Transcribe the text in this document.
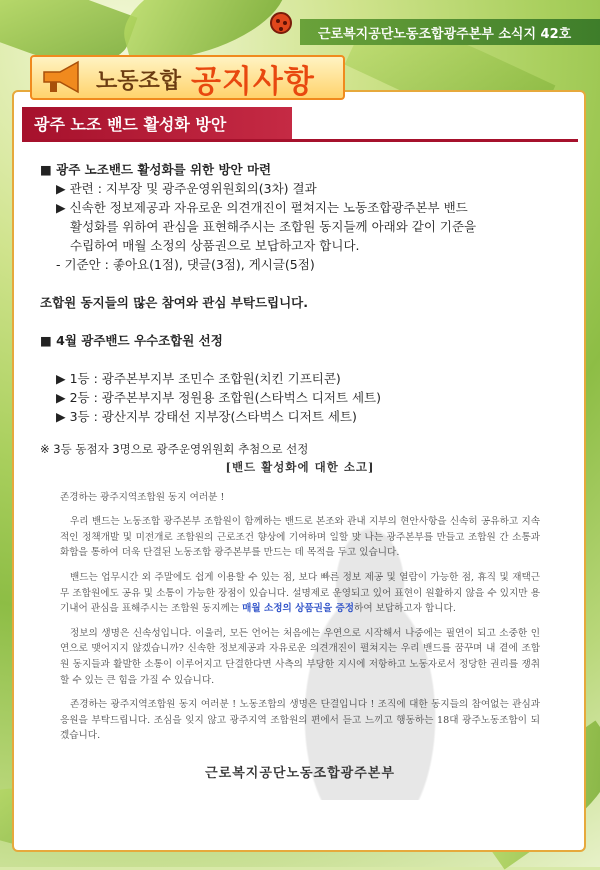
근로복지공단노동조합광주본부 소식지 42호
노동조합 공지사항
광주 노조 밴드 활성화 방안

■ 광주 노조밴드 활성화를 위한 방안 마련

▶ 관련 : 지부장 및 광주운영위원회의(3차) 결과

▶ 신속한 정보제공과 자유로운 의견개진이 펼쳐지는 노동조합광주본부 밴드

활성화를 위하여 관심을 표현해주시는 조합원 동지들께 아래와 같이 기준을

수립하여 매월 소정의 상품권으로 보답하고자 합니다.

- 기준안 : 좋아요(1점), 댓글(3점), 게시글(5점)

조합원 동지들의 많은 참여와 관심 부탁드립니다.

■ 4월 광주밴드 우수조합원 선정

▶ 1등 : 광주본부지부 조민수 조합원(치킨 기프티콘)

▶ 2등 : 광주본부지부 정원용 조합원(스타벅스 디저트 세트)

▶ 3등 : 광산지부 강태선 지부장(스타벅스 디저트 세트)

※ 3등 동점자 3명으로 광주운영위원회 추첨으로 선정

[밴드 활성화에 대한 소고]

존경하는 광주지역조합원 동지 여러분 !

우리 밴드는 노동조합 광주본부 조합원이 함께하는 밴드로 본조와 관내 지부의 현안사항을 신속히 공유하고 지속적인 정책개발 및 미전개로 조합원의 근로조건 향상에 기여하며 일할 맛 나는 광주본부를 만들고 조합원 간 소통과 화합을 통하여 더욱 단결된 노동조합 광주본부를 만드는 데 목적을 두고 있습니다.

밴드는 업무시간 외 주말에도 쉽게 이용할 수 있는 점, 보다 빠른 정보 제공 및 열람이 가능한 점, 휴직 및 재택근무 조합원에도 공유 및 소통이 가능한 장점이 있습니다. 설명제로 운영되고 있어 표현이 원활하지 않을 수 있지만 용기내어 관심을 표해주시는 조합원 동지께는 매월 소정의 상품권을 증정하여 보답하고자 합니다.

정보의 생명은 신속성입니다. 이울러, 모든 언어는 처음에는 우연으로 시작해서 나중에는 필연이 되고 소중한 인연으로 맺어지지 않겠습니까? 신속한 정보제공과 자유로운 의견개진이 펼쳐지는 우리 밴드를 꿈꾸며 내 곁에 조합원 동지들과 활발한 소통이 이루어지고 단결한다면 사측의 부당한 지시에 저항하고 노동자로서 정당한 권리를 쟁취할 수 있는 큰 힘을 가질 수 있습니다.

존경하는 광주지역조합원 동지 여러분 ! 노동조합의 생명은 단결입니다 ! 조직에 대한 동지들의 참여없는 관심과 응원을 부탁드립니다. 조심을 잊지 않고 광주지역 조합원의 편에서 듣고 느끼고 행동하는 18대 광주노동조합이 되겠습니다.

근로복지공단노동조합광주본부
